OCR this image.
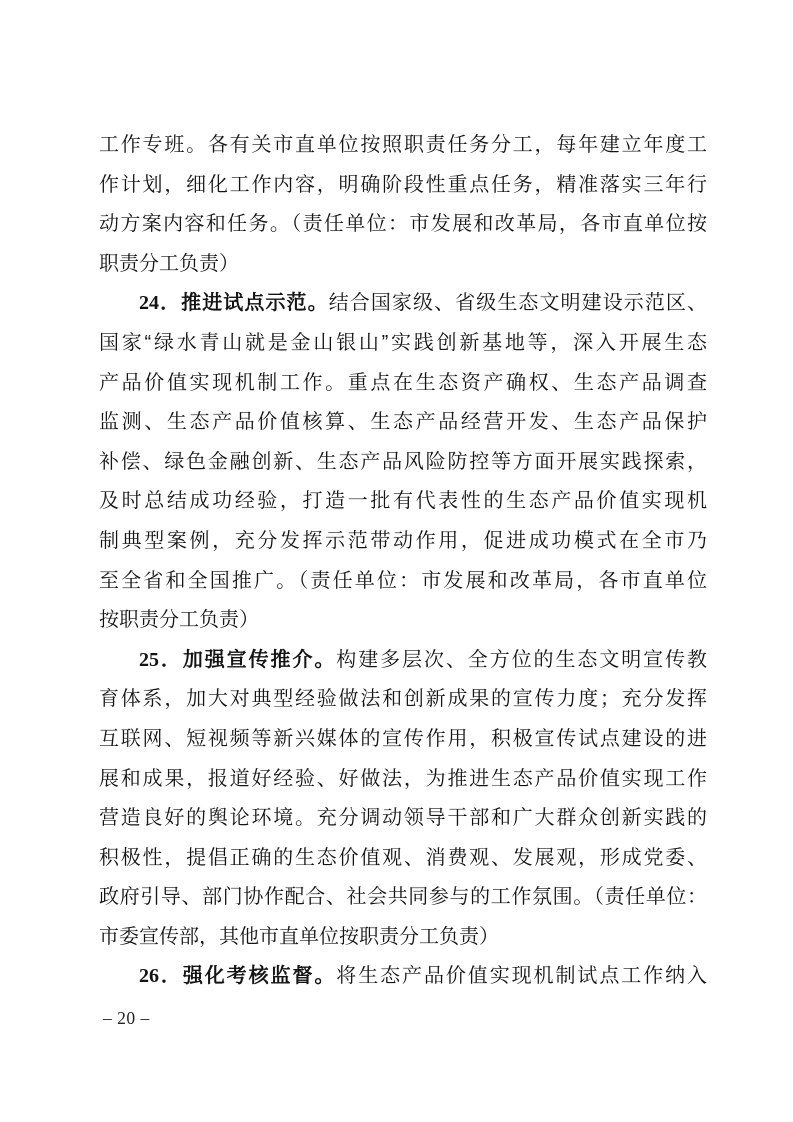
工作专班。各有关市直单位按照职责任务分工，每年建立年度工
作计划，细化工作内容，明确阶段性重点任务，精准落实三年行
动方案内容和任务。（责任单位：市发展和改革局，各市直单位按
职责分工负责）
24．推进试点示范。结合国家级、省级生态文明建设示范区、
国家“绿水青山就是金山银山”实践创新基地等，深入开展生态
产品价值实现机制工作。重点在生态资产确权、生态产品调查
监测、生态产品价值核算、生态产品经营开发、生态产品保护
补偿、绿色金融创新、生态产品风险防控等方面开展实践探索，
及时总结成功经验，打造一批有代表性的生态产品价值实现机
制典型案例，充分发挥示范带动作用，促进成功模式在全市乃
至全省和全国推广。（责任单位：市发展和改革局，各市直单位
按职责分工负责）
25．加强宣传推介。构建多层次、全方位的生态文明宣传教
育体系，加大对典型经验做法和创新成果的宣传力度；充分发挥
互联网、短视频等新兴媒体的宣传作用，积极宣传试点建设的进
展和成果，报道好经验、好做法，为推进生态产品价值实现工作
营造良好的舆论环境。充分调动领导干部和广大群众创新实践的
积极性，提倡正确的生态价值观、消费观、发展观，形成党委、
政府引导、部门协作配合、社会共同参与的工作氛围。（责任单位：
市委宣传部，其他市直单位按职责分工负责）
26．强化考核监督。将生态产品价值实现机制试点工作纳入
– 20 –
